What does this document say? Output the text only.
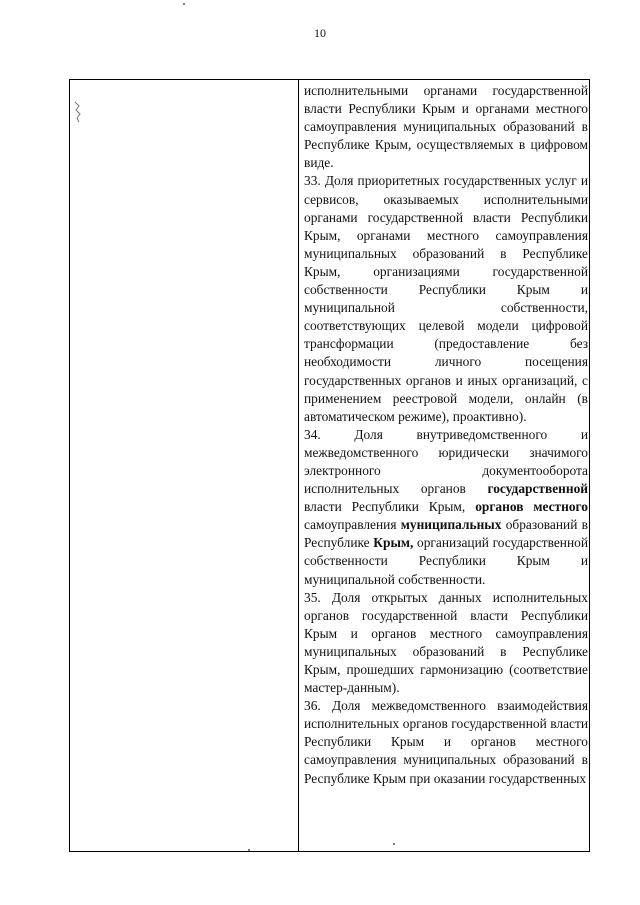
10

исполнительными органами государственной власти Республики Крым и органами местного самоуправления муниципальных образований в Республике Крым, осуществляемых в цифровом виде.

33. Доля приоритетных государственных услуг и сервисов, оказываемых исполнительными органами государственной власти Республики Крым, органами местного самоуправления муниципальных образований в Республике Крым, организациями государственной собственности Республики Крым и муниципальной собственности, соответствующих целевой модели цифровой трансформации (предоставление без необходимости личного посещения государственных органов и иных организаций, с применением реестровой модели, онлайн (в автоматическом режиме), проактивно).

34. Доля внутриведомственного и межведомственного юридически значимого электронного документооборота исполнительных органов государственной власти Республики Крым, органов местного самоуправления муниципальных образований в Республике Крым, организаций государственной собственности Республики Крым и муниципальной собственности.

35. Доля открытых данных исполнительных органов государственной власти Республики Крым и органов местного самоуправления муниципальных образований в Республике Крым, прошедших гармонизацию (соответствие мастер-данным).

36. Доля межведомственного взаимодействия исполнительных органов государственной власти Республики Крым и органов местного самоуправления муниципальных образований в Республике Крым при оказании государственных
